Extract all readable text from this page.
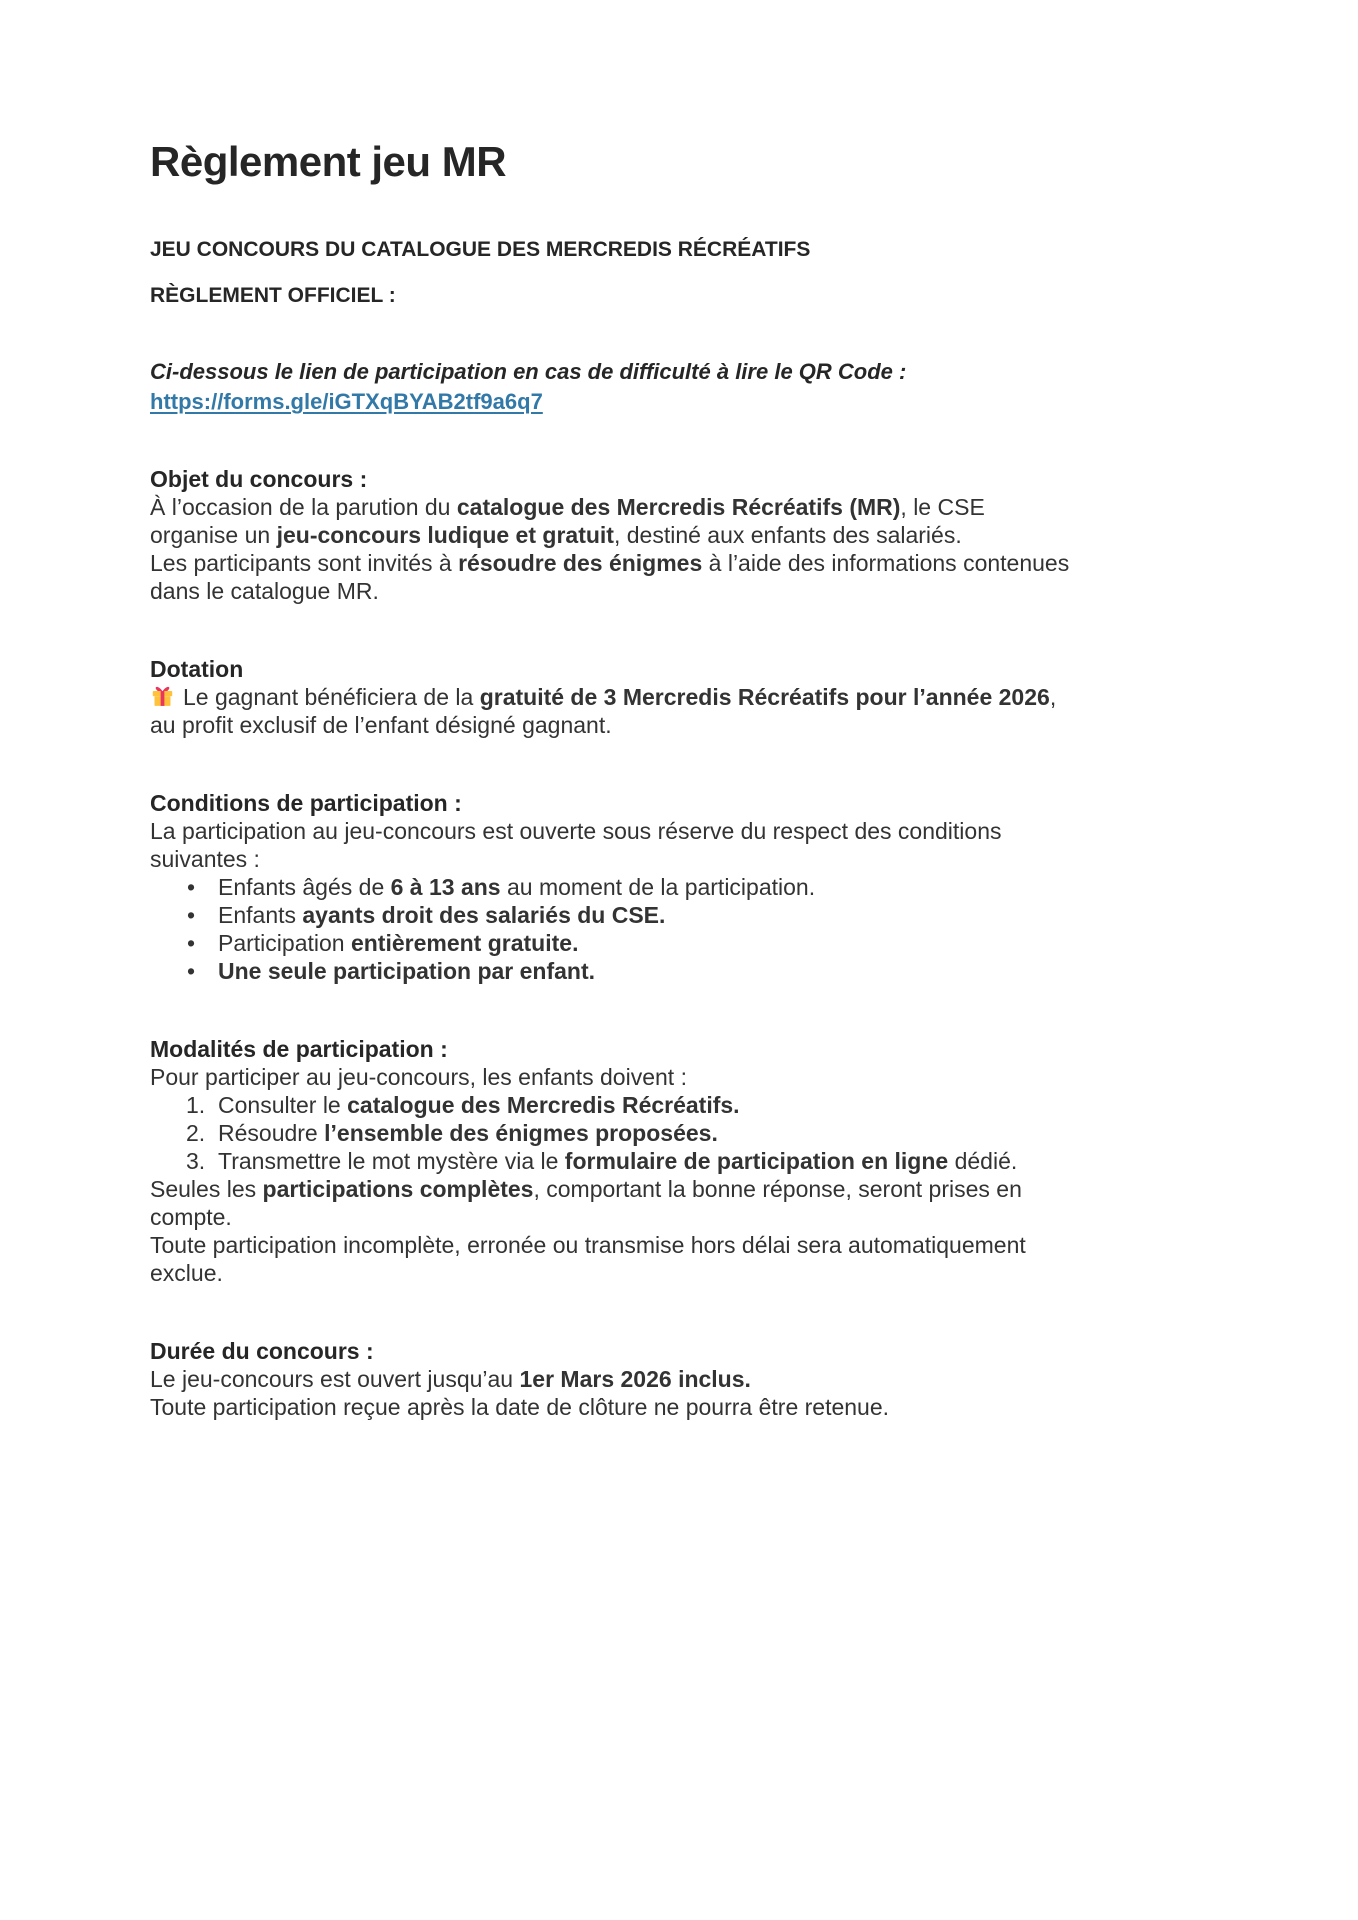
Règlement jeu MR

JEU CONCOURS DU CATALOGUE DES MERCREDIS RÉCRÉATIFS

RÈGLEMENT OFFICIEL :

Ci-dessous le lien de participation en cas de difficulté à lire le QR Code :

https://forms.gle/iGTXqBYAB2tf9a6q7

Objet du concours :

À l’occasion de la parution du catalogue des Mercredis Récréatifs (MR), le CSE organise un jeu-concours ludique et gratuit, destiné aux enfants des salariés.

Les participants sont invités à résoudre des énigmes à l’aide des informations contenues dans le catalogue MR.

Dotation

Le gagnant bénéficiera de la gratuité de 3 Mercredis Récréatifs pour l’année 2026, au profit exclusif de l’enfant désigné gagnant.

Conditions de participation :

La participation au jeu-concours est ouverte sous réserve du respect des conditions suivantes :

• Enfants âgés de 6 à 13 ans au moment de la participation.
• Enfants ayants droit des salariés du CSE.
• Participation entièrement gratuite.
• Une seule participation par enfant.
Modalités de participation :

Pour participer au jeu-concours, les enfants doivent :

1. Consulter le catalogue des Mercredis Récréatifs.
2. Résoudre l’ensemble des énigmes proposées.
3. Transmettre le mot mystère via le formulaire de participation en ligne dédié.

Seules les participations complètes, comportant la bonne réponse, seront prises en compte.

Toute participation incomplète, erronée ou transmise hors délai sera automatiquement exclue.

Durée du concours :

Le jeu-concours est ouvert jusqu’au 1er Mars 2026 inclus.

Toute participation reçue après la date de clôture ne pourra être retenue.
